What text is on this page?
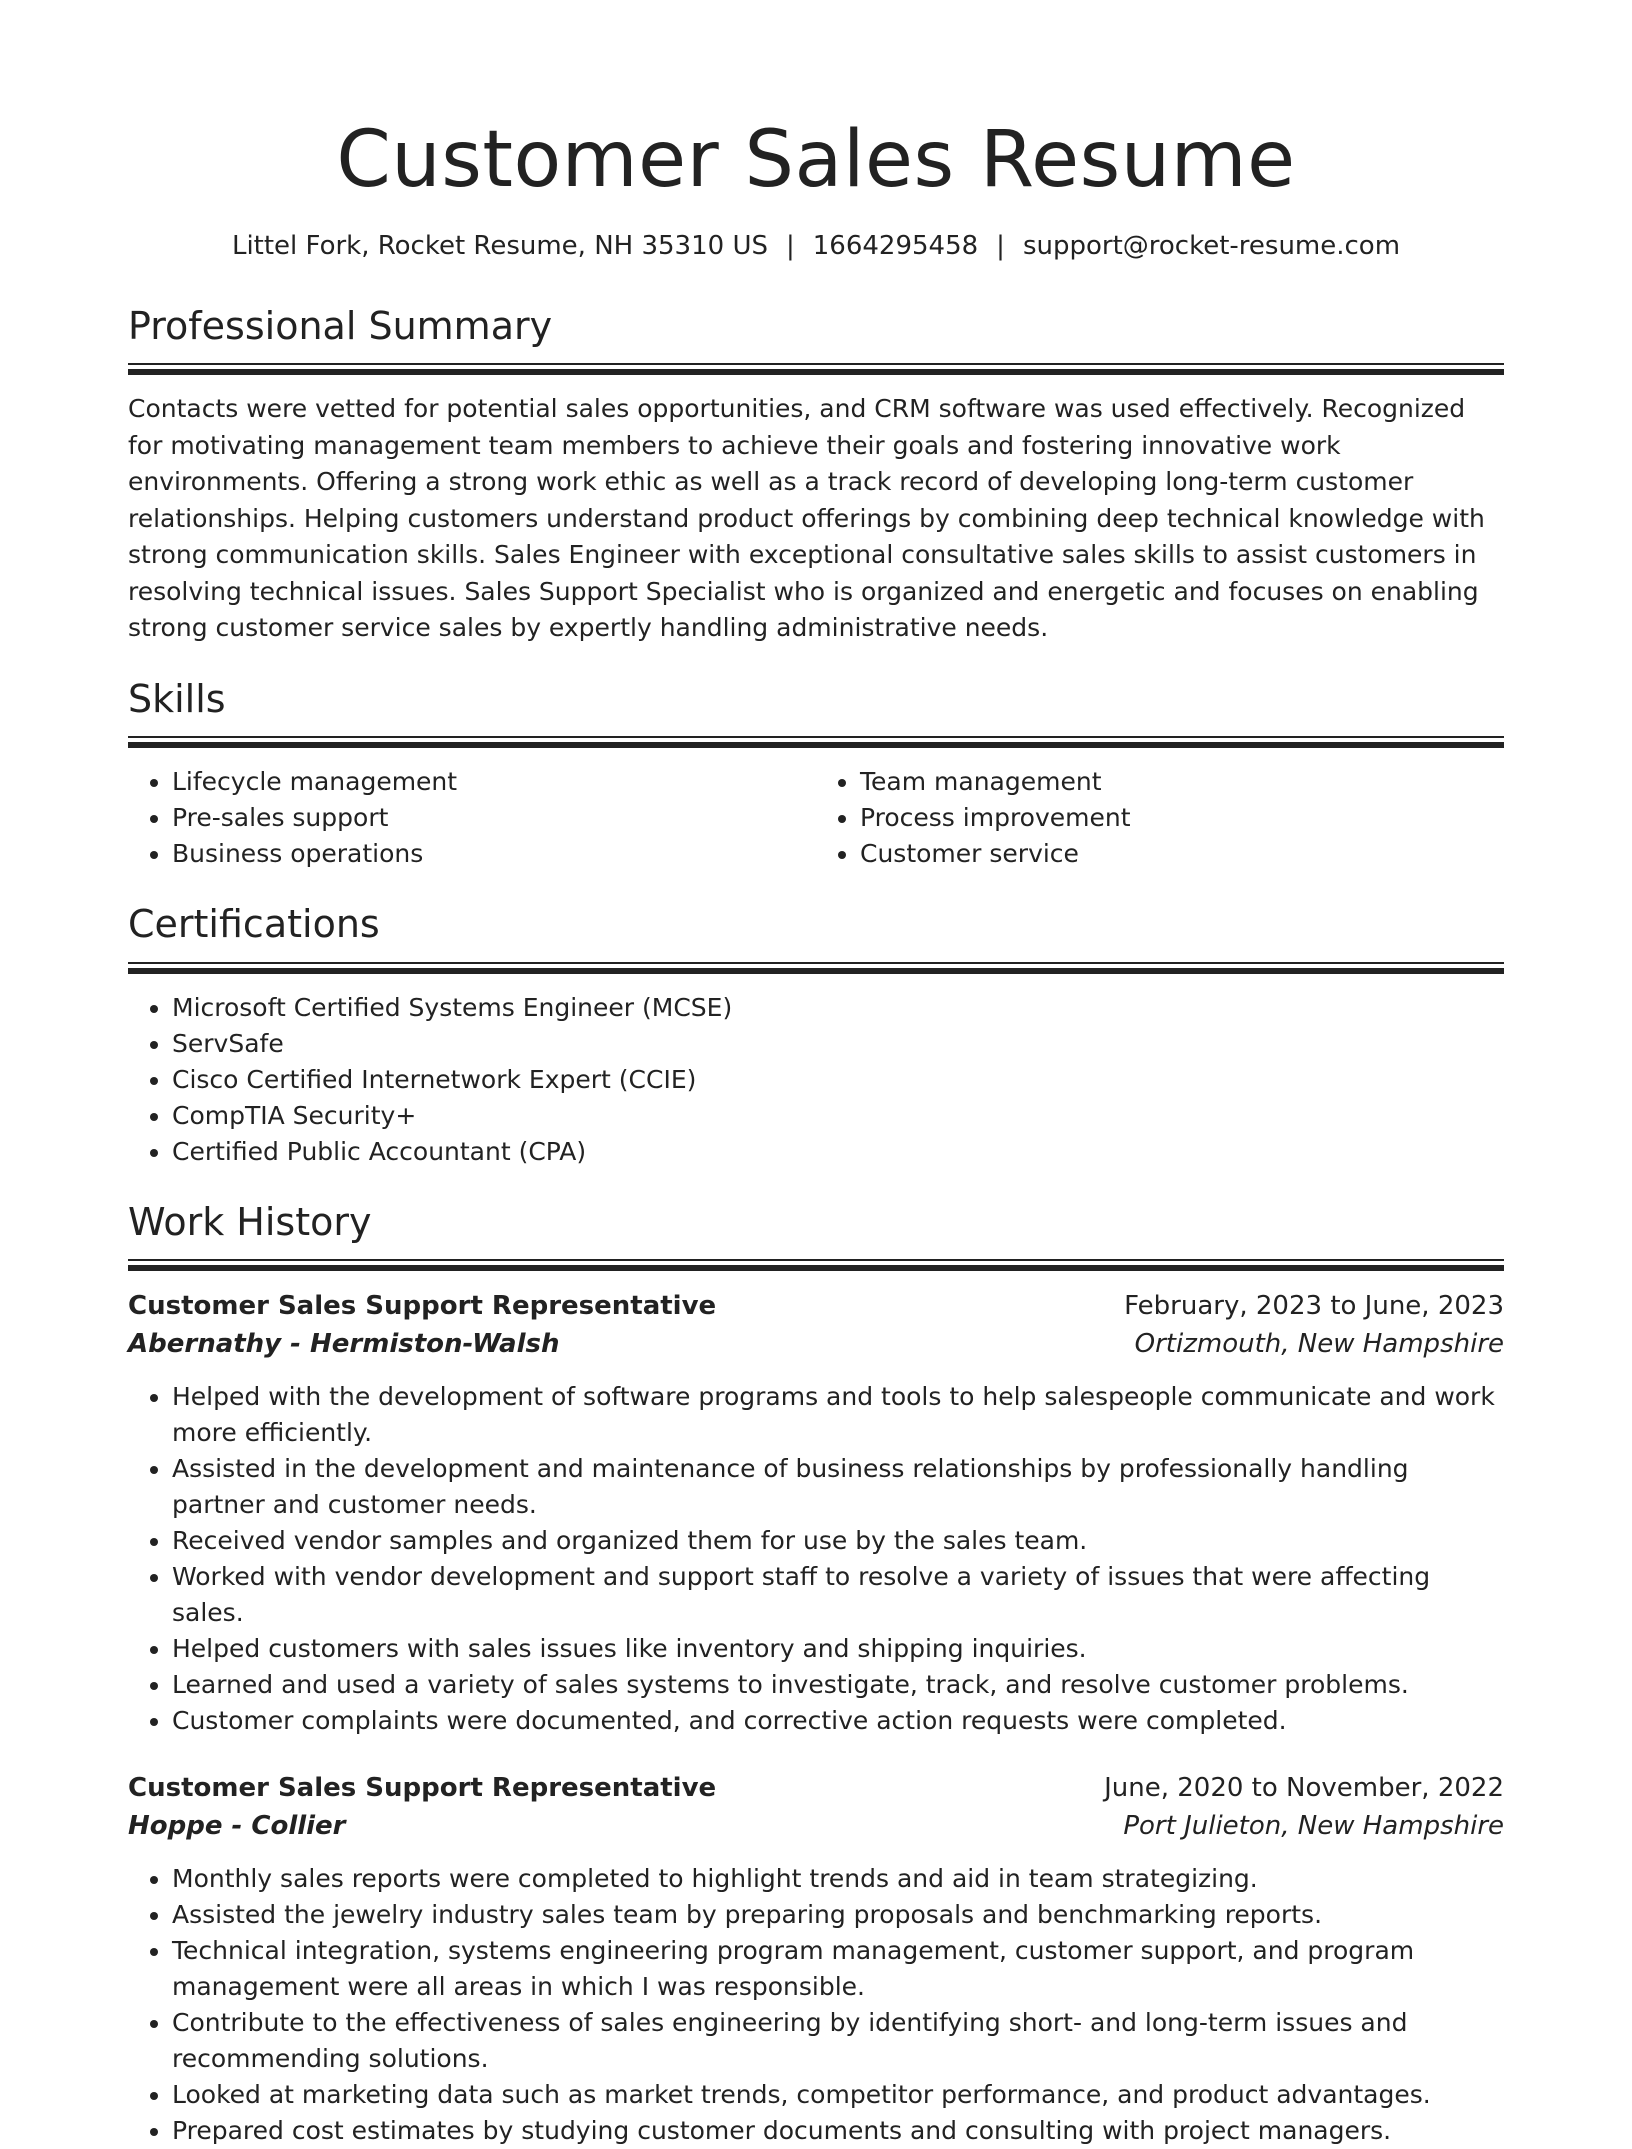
Customer Sales Resume
Littel Fork, Rocket Resume, NH 35310 US | 1664295458 | support@rocket-resume.com
Professional Summary

Contacts were vetted for potential sales opportunities, and CRM software was used effectively. Recognized for motivating management team members to achieve their goals and fostering innovative work environments. Offering a strong work ethic as well as a track record of developing long-term customer relationships. Helping customers understand product offerings by combining deep technical knowledge with strong communication skills. Sales Engineer with exceptional consultative sales skills to assist customers in resolving technical issues. Sales Support Specialist who is organized and energetic and focuses on enabling strong customer service sales by expertly handling administrative needs.

Skills
• Lifecycle management
• Pre-sales support
• Business operations
• Team management
• Process improvement
• Customer service
Certifications
• Microsoft Certified Systems Engineer (MCSE)
• ServSafe
• Cisco Certified Internetwork Expert (CCIE)
• CompTIA Security+
• Certified Public Accountant (CPA)
Work History
Customer Sales Support Representative	February, 2023 to June, 2023
Abernathy - Hermiston-Walsh	Ortizmouth, New Hampshire
• Helped with the development of software programs and tools to help salespeople communicate and work more efficiently.
• Assisted in the development and maintenance of business relationships by professionally handling partner and customer needs.
• Received vendor samples and organized them for use by the sales team.
• Worked with vendor development and support staff to resolve a variety of issues that were affecting sales.
• Helped customers with sales issues like inventory and shipping inquiries.
• Learned and used a variety of sales systems to investigate, track, and resolve customer problems.
• Customer complaints were documented, and corrective action requests were completed.
Customer Sales Support Representative	June, 2020 to November, 2022
Hoppe - Collier	Port Julieton, New Hampshire
• Monthly sales reports were completed to highlight trends and aid in team strategizing.
• Assisted the jewelry industry sales team by preparing proposals and benchmarking reports.
• Technical integration, systems engineering program management, customer support, and program management were all areas in which I was responsible.
• Contribute to the effectiveness of sales engineering by identifying short- and long-term issues and recommending solutions.
• Looked at marketing data such as market trends, competitor performance, and product advantages.
• Prepared cost estimates by studying customer documents and consulting with project managers.
